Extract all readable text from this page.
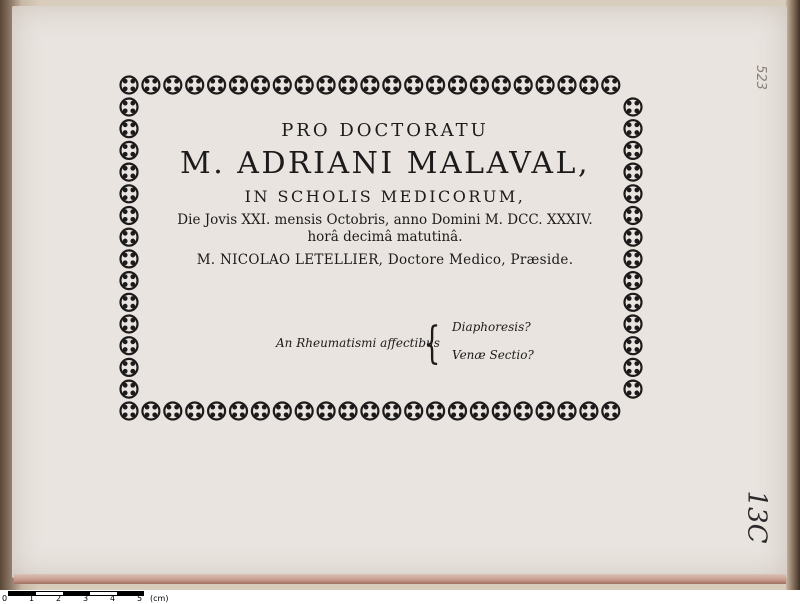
PRO DOCTORATU
M. ADRIANI MALAVAL,
IN SCHOLIS MEDICORUM,
Die Jovis XXI. mensis Octobris, anno Domini M. DCC. XXXIV.
horâ decimâ matutinâ.
M. NICOLAO LETELLIER, Doctore Medico, Præside.
An Rheumatismi affectibus
{ Diaphoresis?
Venæ Sectio?
523
13C
0	1	2	3	4	5 (cm)
